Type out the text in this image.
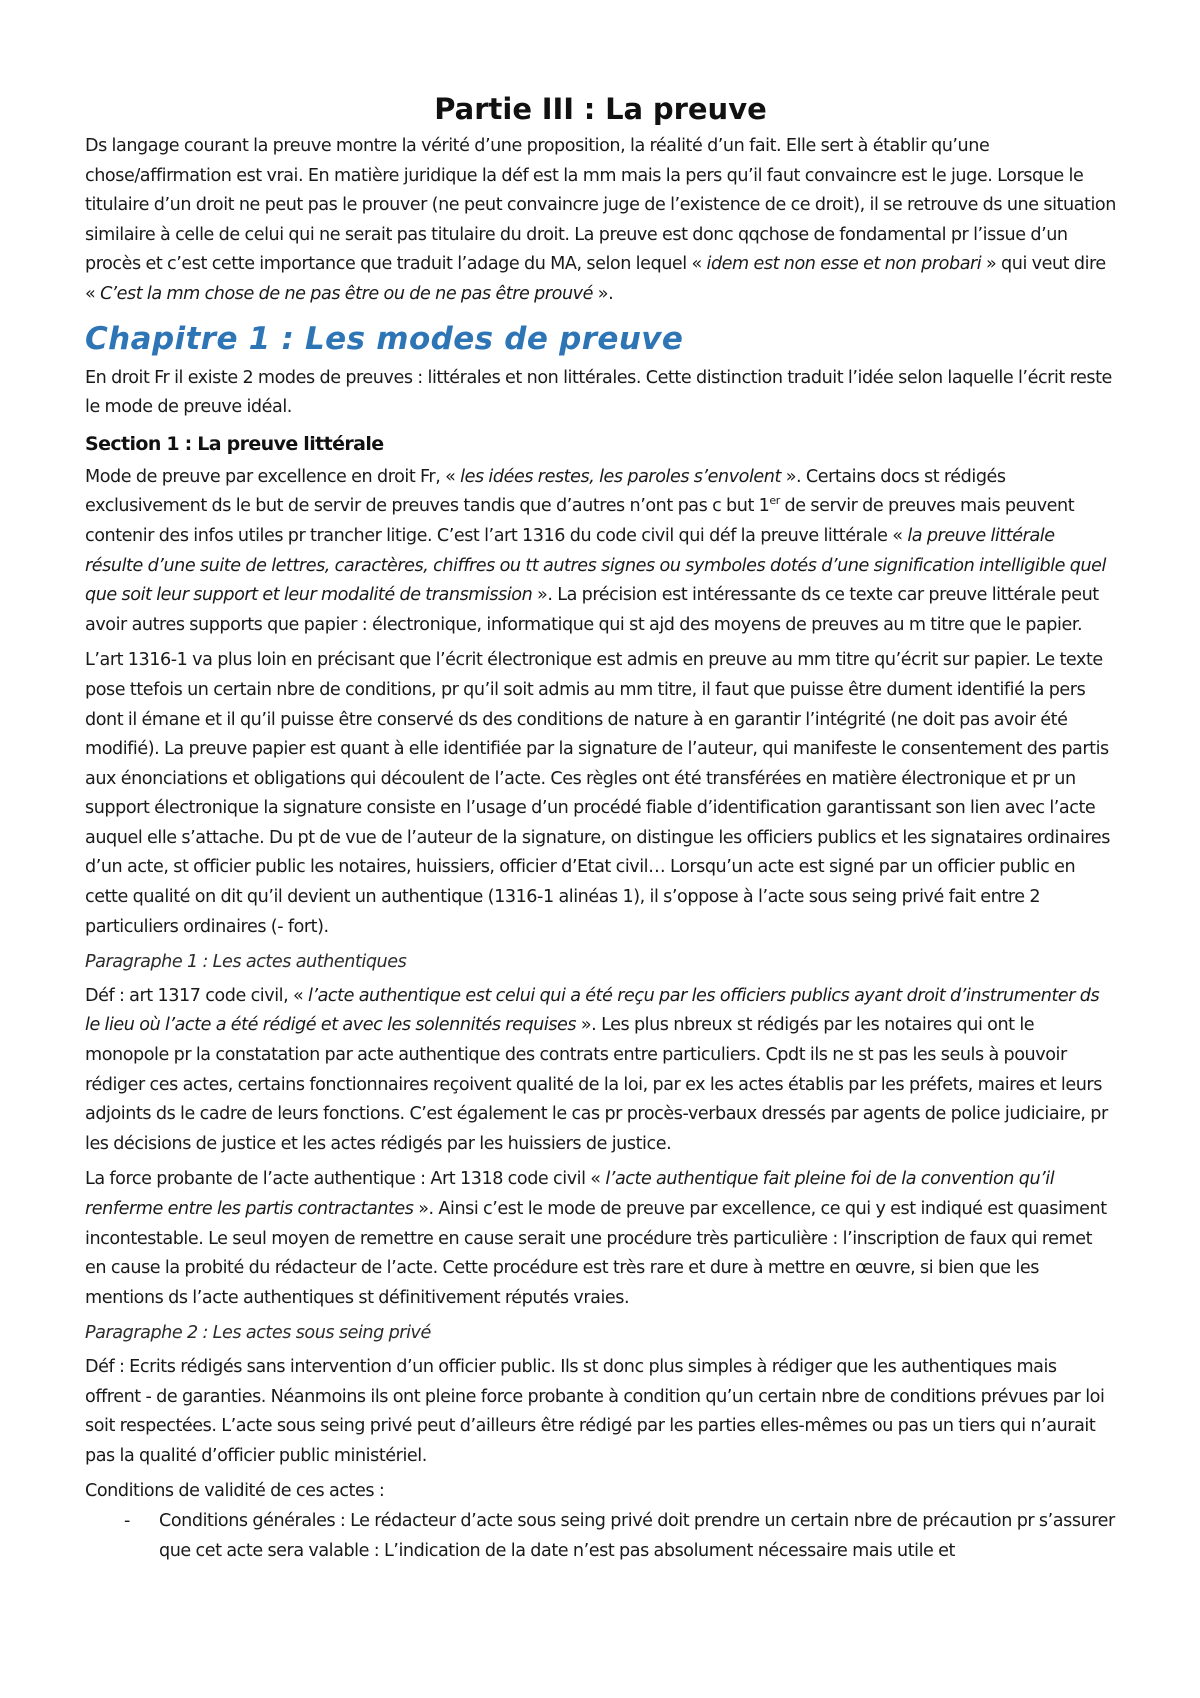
Partie III : La preuve

Ds langage courant la preuve montre la vérité d’une proposition, la réalité d’un fait. Elle sert à établir qu’une chose/affirmation est vrai. En matière juridique la déf est la mm mais la pers qu’il faut convaincre est le juge. Lorsque le titulaire d’un droit ne peut pas le prouver (ne peut convaincre juge de l’existence de ce droit), il se retrouve ds une situation similaire à celle de celui qui ne serait pas titulaire du droit. La preuve est donc qqchose de fondamental pr l’issue d’un procès et c’est cette importance que traduit l’adage du MA, selon lequel « idem est non esse et non probari » qui veut dire « C’est la mm chose de ne pas être ou de ne pas être prouvé ».

Chapitre 1 : Les modes de preuve

En droit Fr il existe 2 modes de preuves : littérales et non littérales. Cette distinction traduit l’idée selon laquelle l’écrit reste le mode de preuve idéal.

Section 1 : La preuve littérale

Mode de preuve par excellence en droit Fr, « les idées restes, les paroles s’envolent ». Certains docs st rédigés exclusivement ds le but de servir de preuves tandis que d’autres n’ont pas c but 1er de servir de preuves mais peuvent contenir des infos utiles pr trancher litige. C’est l’art 1316 du code civil qui déf la preuve littérale « la preuve littérale résulte d’une suite de lettres, caractères, chiffres ou tt autres signes ou symboles dotés d’une signification intelligible quel que soit leur support et leur modalité de transmission ». La précision est intéressante ds ce texte car preuve littérale peut avoir autres supports que papier : électronique, informatique qui st ajd des moyens de preuves au m titre que le papier.

L’art 1316-1 va plus loin en précisant que l’écrit électronique est admis en preuve au mm titre qu’écrit sur papier. Le texte pose ttefois un certain nbre de conditions, pr qu’il soit admis au mm titre, il faut que puisse être dument identifié la pers dont il émane et il qu’il puisse être conservé ds des conditions de nature à en garantir l’intégrité (ne doit pas avoir été modifié). La preuve papier est quant à elle identifiée par la signature de l’auteur, qui manifeste le consentement des partis aux énonciations et obligations qui découlent de l’acte. Ces règles ont été transférées en matière électronique et pr un support électronique la signature consiste en l’usage d’un procédé fiable d’identification garantissant son lien avec l’acte auquel elle s’attache. Du pt de vue de l’auteur de la signature, on distingue les officiers publics et les signataires ordinaires d’un acte, st officier public les notaires, huissiers, officier d’Etat civil… Lorsqu’un acte est signé par un officier public en cette qualité on dit qu’il devient un authentique (1316-1 alinéas 1), il s’oppose à l’acte sous seing privé fait entre 2 particuliers ordinaires (- fort).

Paragraphe 1 : Les actes authentiques

Déf : art 1317 code civil, « l’acte authentique est celui qui a été reçu par les officiers publics ayant droit d’instrumenter ds le lieu où l’acte a été rédigé et avec les solennités requises ». Les plus nbreux st rédigés par les notaires qui ont le monopole pr la constatation par acte authentique des contrats entre particuliers. Cpdt ils ne st pas les seuls à pouvoir rédiger ces actes, certains fonctionnaires reçoivent qualité de la loi, par ex les actes établis par les préfets, maires et leurs adjoints ds le cadre de leurs fonctions. C’est également le cas pr procès-verbaux dressés par agents de police judiciaire, pr les décisions de justice et les actes rédigés par les huissiers de justice.

La force probante de l’acte authentique : Art 1318 code civil « l’acte authentique fait pleine foi de la convention qu’il renferme entre les partis contractantes ». Ainsi c’est le mode de preuve par excellence, ce qui y est indiqué est quasiment incontestable. Le seul moyen de remettre en cause serait une procédure très particulière : l’inscription de faux qui remet en cause la probité du rédacteur de l’acte. Cette procédure est très rare et dure à mettre en œuvre, si bien que les mentions ds l’acte authentiques st définitivement réputés vraies.

Paragraphe 2 : Les actes sous seing privé

Déf : Ecrits rédigés sans intervention d’un officier public. Ils st donc plus simples à rédiger que les authentiques mais offrent - de garanties. Néanmoins ils ont pleine force probante à condition qu’un certain nbre de conditions prévues par loi soit respectées. L’acte sous seing privé peut d’ailleurs être rédigé par les parties elles-mêmes ou pas un tiers qui n’aurait pas la qualité d’officier public ministériel.

Conditions de validité de ces actes :

- Conditions générales : Le rédacteur d’acte sous seing privé doit prendre un certain nbre de précaution pr s’assurer que cet acte sera valable : L’indication de la date n’est pas absolument nécessaire mais utile et
